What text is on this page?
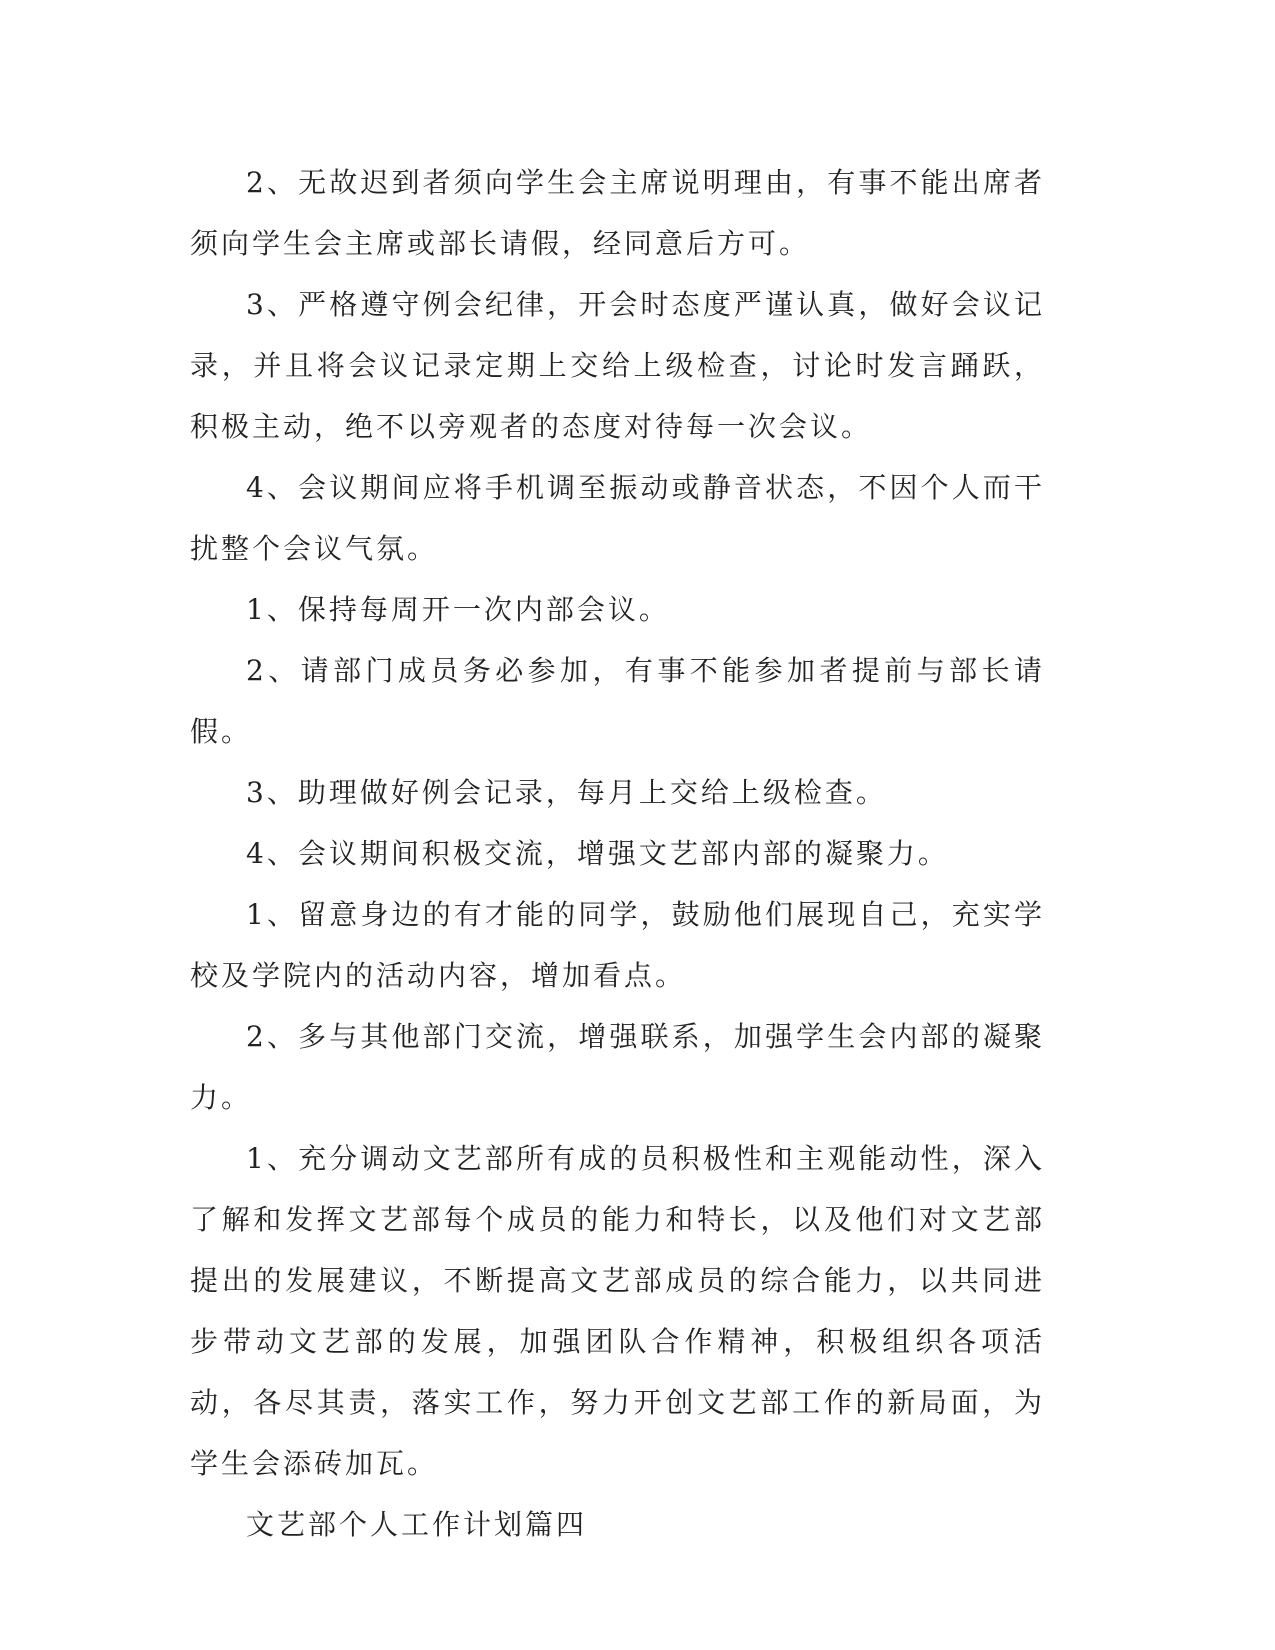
2、无故迟到者须向学生会主席说明理由，有事不能出席者须向学生会主席或部长请假，经同意后方可。

3、严格遵守例会纪律，开会时态度严谨认真，做好会议记录，并且将会议记录定期上交给上级检查，讨论时发言踊跃，积极主动，绝不以旁观者的态度对待每一次会议。

4、会议期间应将手机调至振动或静音状态，不因个人而干扰整个会议气氛。

1、保持每周开一次内部会议。

2、请部门成员务必参加，有事不能参加者提前与部长请假。

3、助理做好例会记录，每月上交给上级检查。

4、会议期间积极交流，增强文艺部内部的凝聚力。

1、留意身边的有才能的同学，鼓励他们展现自己，充实学校及学院内的活动内容，增加看点。

2、多与其他部门交流，增强联系，加强学生会内部的凝聚力。

1、充分调动文艺部所有成的员积极性和主观能动性，深入了解和发挥文艺部每个成员的能力和特长，以及他们对文艺部提出的发展建议，不断提高文艺部成员的综合能力，以共同进步带动文艺部的发展，加强团队合作精神，积极组织各项活动，各尽其责，落实工作，努力开创文艺部工作的新局面，为学生会添砖加瓦。

文艺部个人工作计划篇四
